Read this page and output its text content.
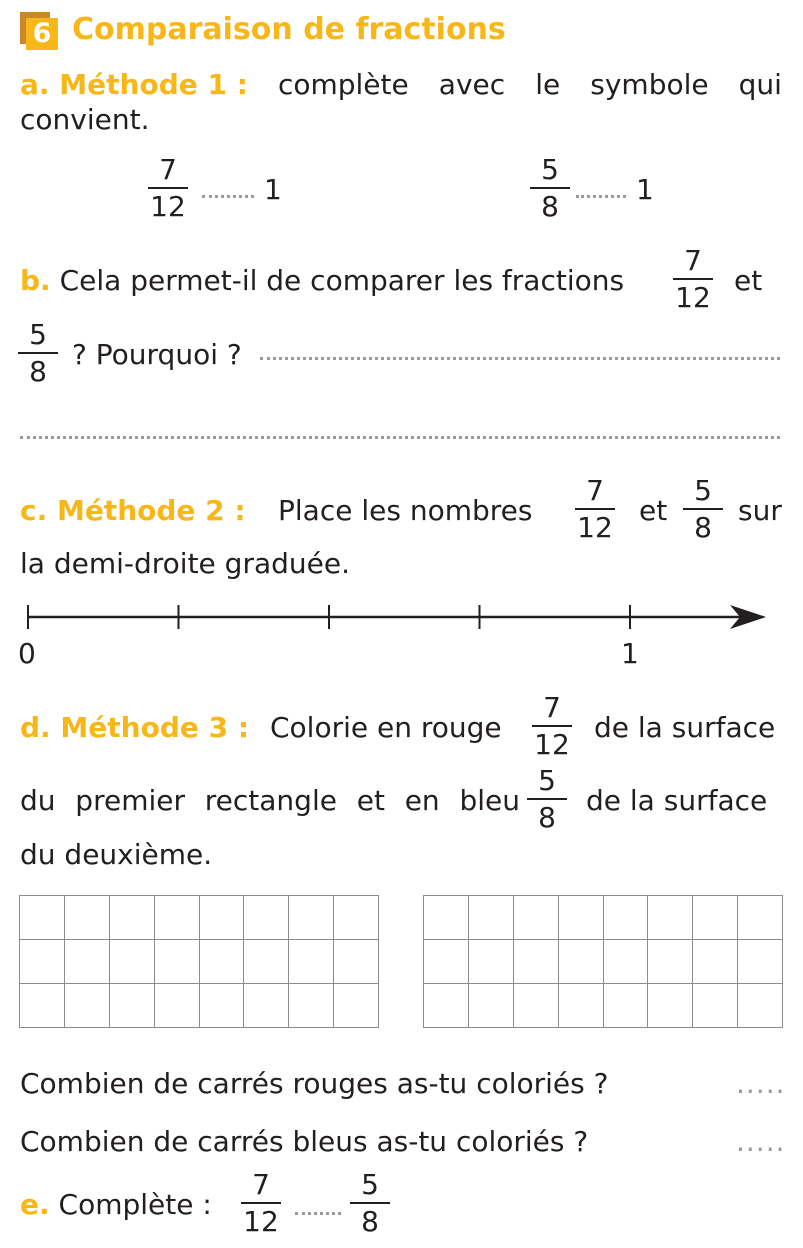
6 Comparaison de fractions
a. Méthode 1 : complète avec le symbole qui
convient.
7
12
1
5
8
1
b. Cela permet-il de comparer les fractions
7
12
et
5
8
? Pourquoi ?
c. Méthode 2 : Place les nombres
7
12
et
5
8
sur
la demi-droite graduée.
0	1
d. Méthode 3 : Colorie en rouge
7
12
de la surface
du premier rectangle et en bleu
5
8
de la surface
du deuxième.
Combien de carrés rouges as-tu coloriés ?	.....
Combien de carrés bleus as-tu coloriés ?	.....
e. Complète :
7
12
5
8
